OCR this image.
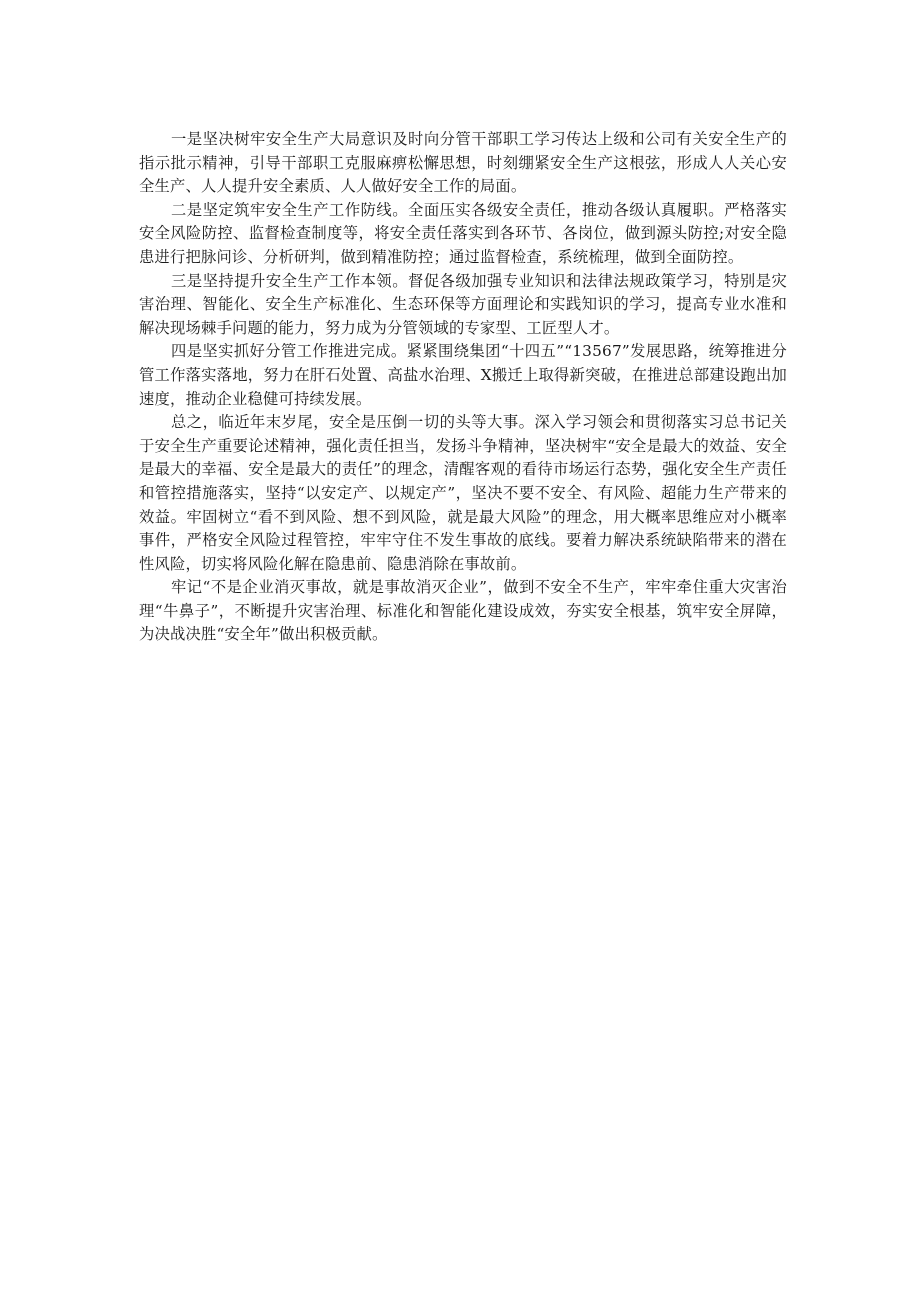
一是坚决树牢安全生产大局意识及时向分管干部职工学习传达上级和公司有关安全生产的指示批示精神，引导干部职工克服麻痹松懈思想，时刻绷紧安全生产这根弦，形成人人关心安全生产、人人提升安全素质、人人做好安全工作的局面。

二是坚定筑牢安全生产工作防线。全面压实各级安全责任，推动各级认真履职。严格落实安全风险防控、监督检查制度等，将安全责任落实到各环节、各岗位，做到源头防控;对安全隐患进行把脉问诊、分析研判，做到精准防控；通过监督检查，系统梳理，做到全面防控。

三是坚持提升安全生产工作本领。督促各级加强专业知识和法律法规政策学习，特别是灾害治理、智能化、安全生产标准化、生态环保等方面理论和实践知识的学习，提高专业水准和解决现场棘手问题的能力，努力成为分管领域的专家型、工匠型人才。

四是坚实抓好分管工作推进完成。紧紧围绕集团“十四五”“13567”发展思路，统筹推进分管工作落实落地，努力在肝石处置、高盐水治理、X搬迁上取得新突破，在推进总部建设跑出加速度，推动企业稳健可持续发展。

总之，临近年末岁尾，安全是压倒一切的头等大事。深入学习领会和贯彻落实习总书记关于安全生产重要论述精神，强化责任担当，发扬斗争精神，坚决树牢“安全是最大的效益、安全是最大的幸福、安全是最大的责任”的理念，清醒客观的看待市场运行态势，强化安全生产责任和管控措施落实，坚持“以安定产、以规定产”，坚决不要不安全、有风险、超能力生产带来的效益。牢固树立“看不到风险、想不到风险，就是最大风险”的理念，用大概率思维应对小概率事件，严格安全风险过程管控，牢牢守住不发生事故的底线。要着力解决系统缺陷带来的潜在性风险，切实将风险化解在隐患前、隐患消除在事故前。

牢记“不是企业消灭事故，就是事故消灭企业”，做到不安全不生产，牢牢牵住重大灾害治理“牛鼻子”，不断提升灾害治理、标准化和智能化建设成效，夯实安全根基，筑牢安全屏障，为决战决胜“安全年”做出积极贡献。
